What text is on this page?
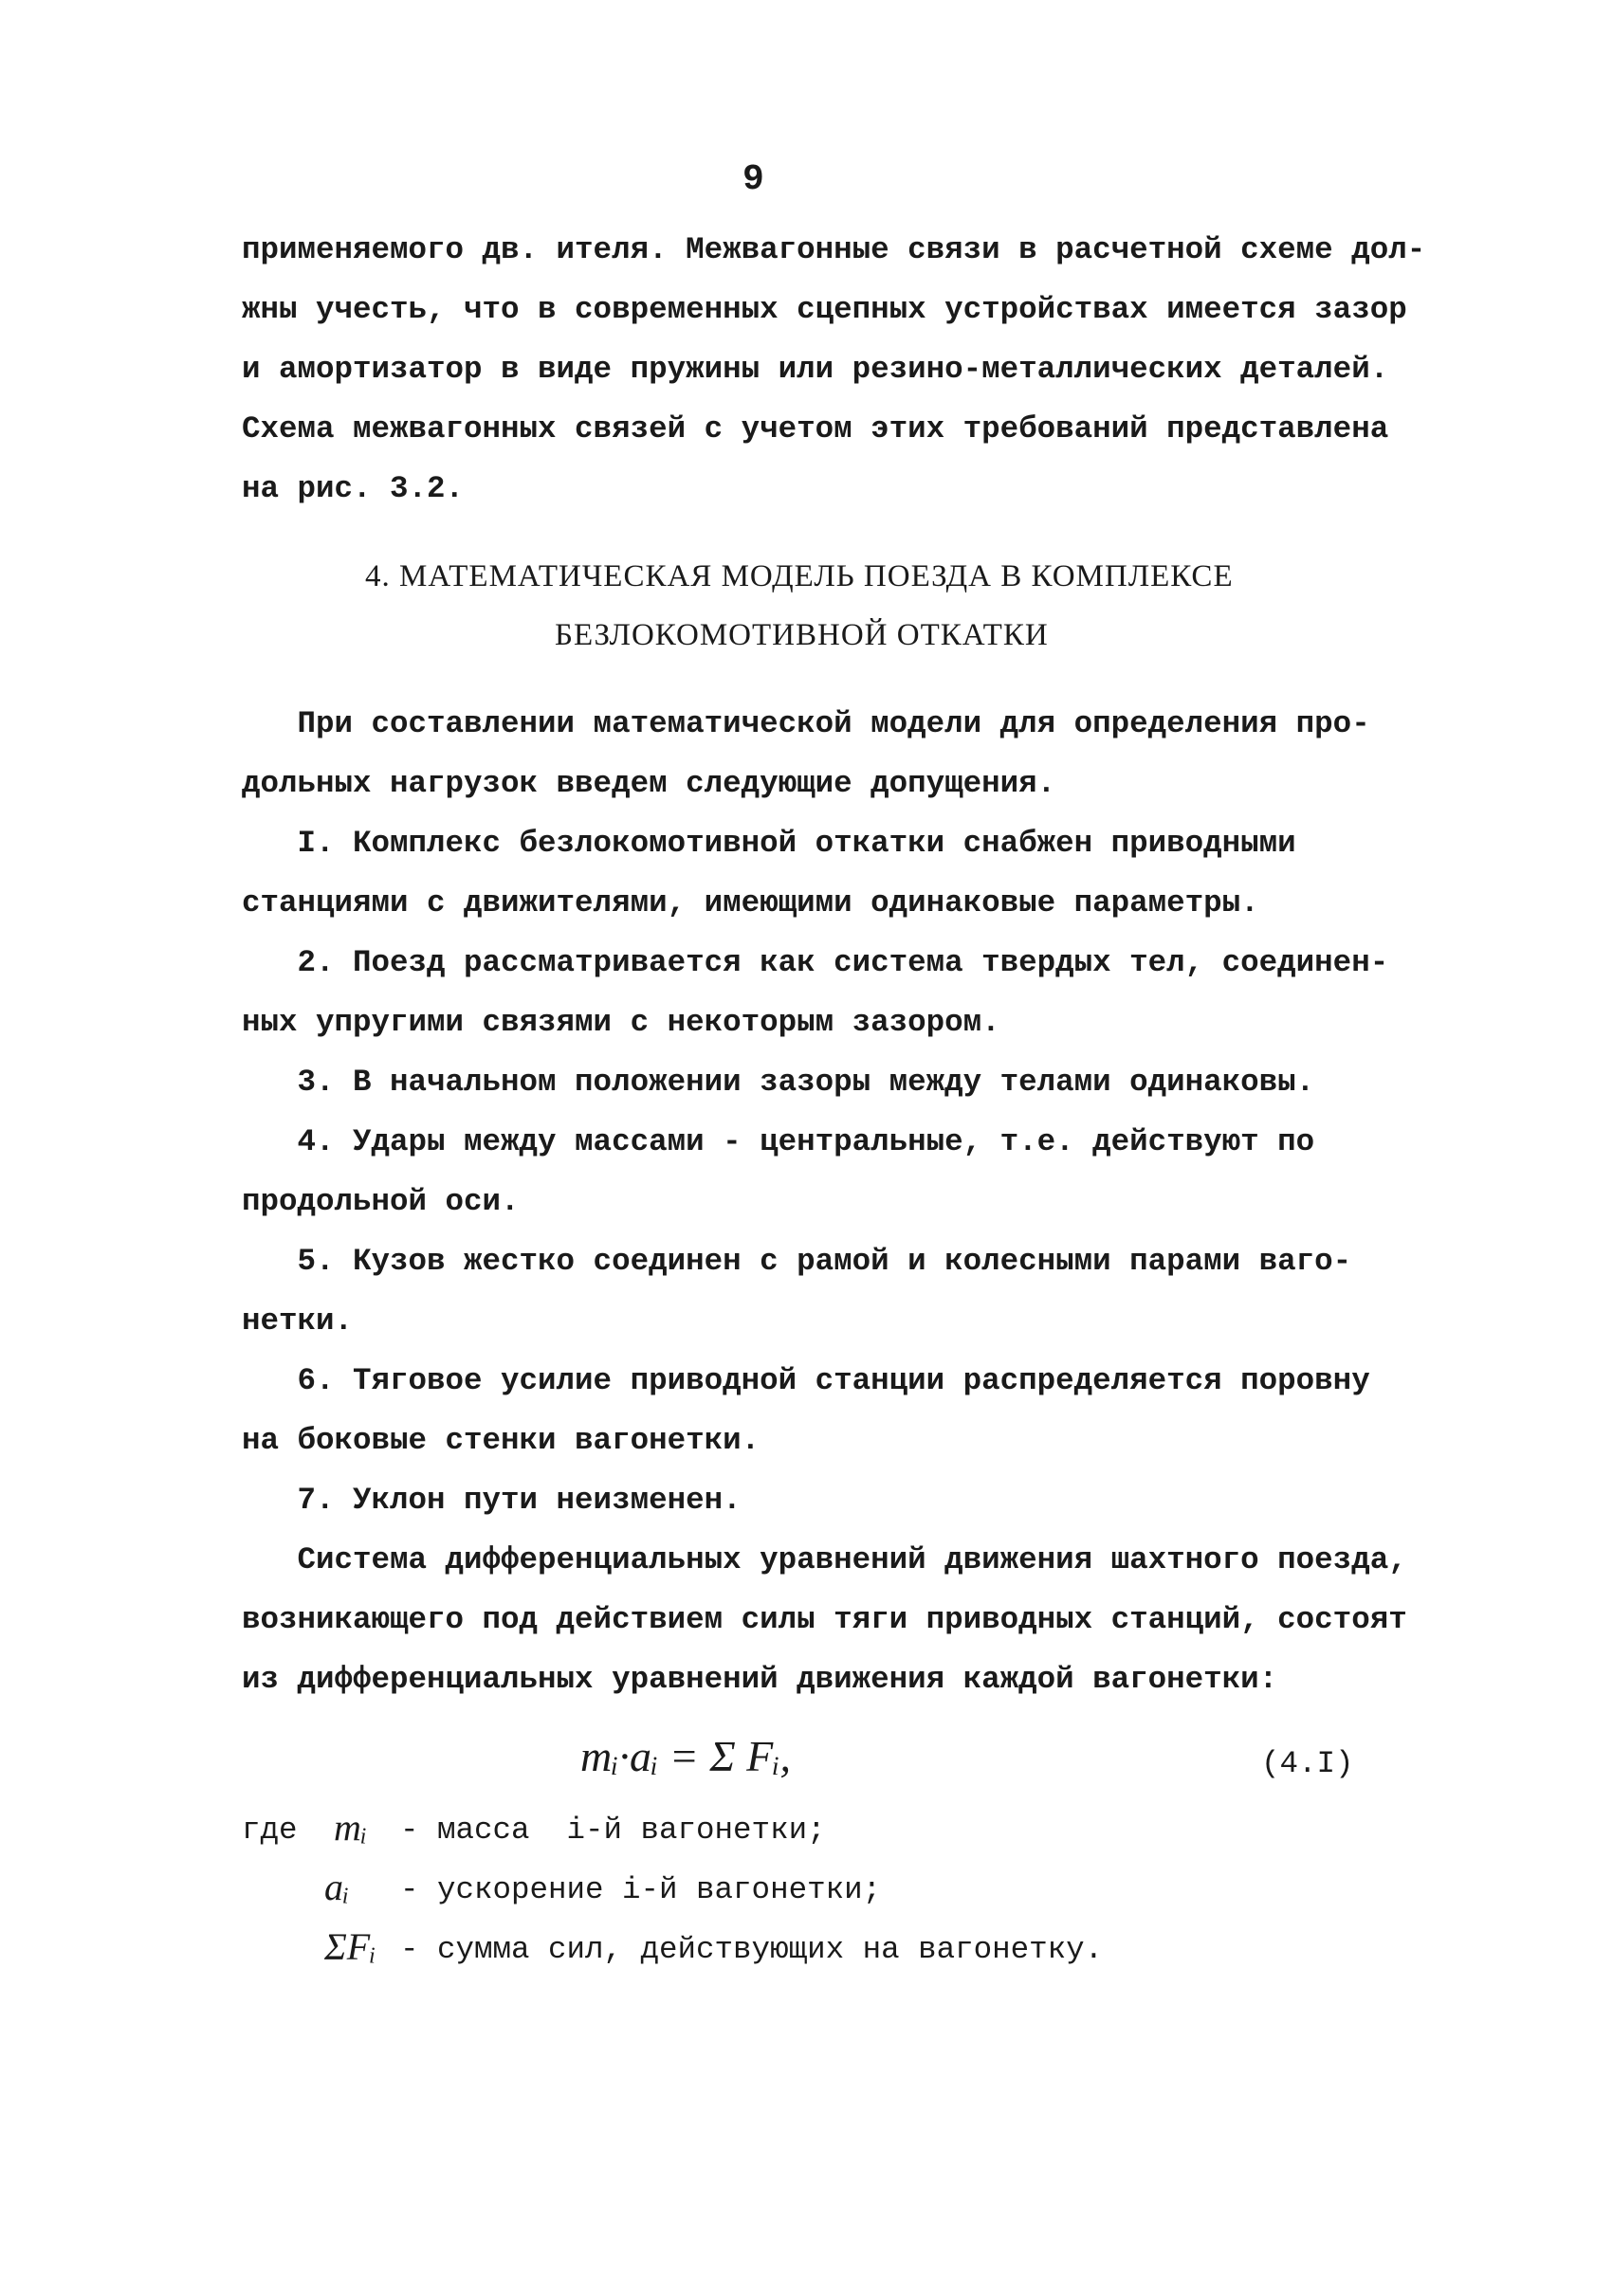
9
применяемого дв. ителя. Межвагонные связи в расчетной схеме дол-
жны учесть, что в современных сцепных устройствах имеется зазор
и амортизатор в виде пружины или резино-металлических деталей.
Схема межвагонных связей с учетом этих требований представлена
на рис. 3.2.
4. МАТЕМАТИЧЕСКАЯ МОДЕЛЬ ПОЕЗДА В КОМПЛЕКСЕ
БЕЗЛОКОМОТИВНОЙ ОТКАТКИ
При составлении математической модели для определения про-
дольных нагрузок введем следующие допущения.
I. Комплекс безлокомотивной откатки снабжен приводными
станциями с движителями, имеющими одинаковые параметры.
2. Поезд рассматривается как система твердых тел, соединен-
ных упругими связями с некоторым зазором.
3. В начальном положении зазоры между телами одинаковы.
4. Удары между массами - центральные, т.е. действуют по
продольной оси.
5. Кузов жестко соединен с рамой и колесными парами ваго-
нетки.
6. Тяговое усилие приводной станции распределяется поровну
на боковые стенки вагонетки.
7. Уклон пути неизменен.
Система дифференциальных уравнений движения шахтного поезда,
возникающего под действием силы тяги приводных станций, состоят
из дифференциальных уравнений движения каждой вагонетки:
mᵢ·aᵢ = Σ Fᵢ,	(4.I)
где mᵢ - масса  i-й вагонетки;
aᵢ - ускорение i-й вагонетки;
ΣFᵢ - сумма сил, действующих на вагонетку.
